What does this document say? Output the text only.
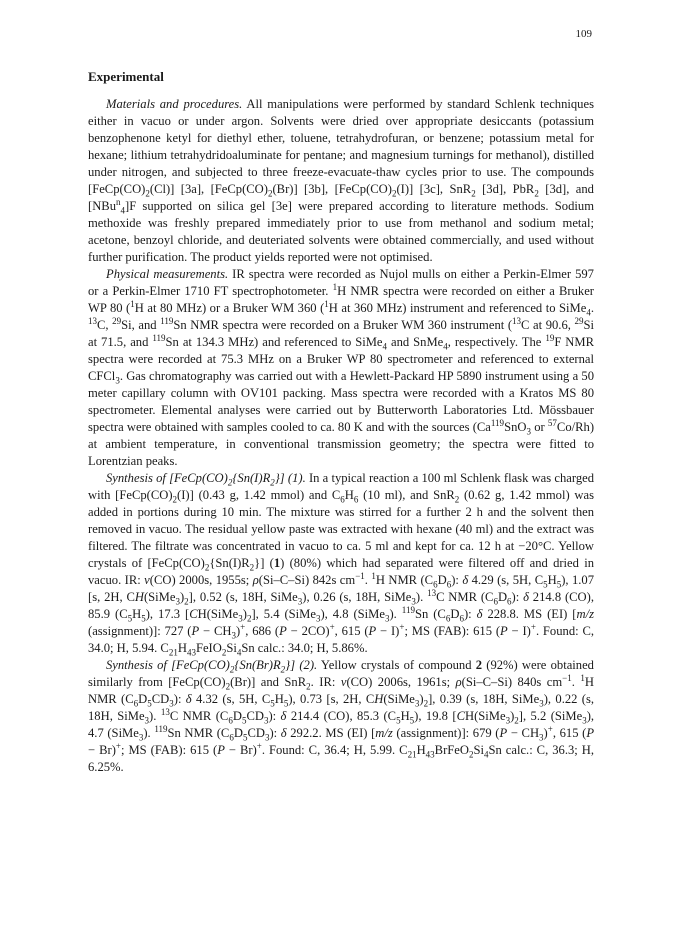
109
Experimental

Materials and procedures. All manipulations were performed by standard Schlenk techniques either in vacuo or under argon. Solvents were dried over appropriate desiccants (potassium benzophenone ketyl for diethyl ether, toluene, tetrahydrofuran, or benzene; potassium metal for hexane; lithium tetrahydridoaluminate for pentane; and magnesium turnings for methanol), distilled under nitrogen, and subjected to three freeze-evacuate-thaw cycles prior to use. The compounds $[FeCp(CO)_2(Cl)]$ [3a], $[FeCp(CO)_2(Br)]$ [3b], $[FeCp(CO)_2(I)]$ [3c], SnR$_2$ [3d], PbR$_2$ [3d], and [NBu$^n_4$]F supported on silica gel [3e] were prepared according to literature methods. Sodium methoxide was freshly prepared immediately prior to use from methanol and sodium metal; acetone, benzoyl chloride, and deuteriated solvents were obtained commercially, and used without further purification. The product yields reported were not optimised.

Physical measurements. IR spectra were recorded as Nujol mulls on either a Perkin-Elmer 597 or a Perkin-Elmer 1710 FT spectrophotometer. $^1$H NMR spectra were recorded on either a Bruker WP 80 ($^1$H at 80 MHz) or a Bruker WM 360 ($^1$H at 360 MHz) instrument and referenced to SiMe$_4$. $^{13}$C, $^{29}$Si, and $^{119}$Sn NMR spectra were recorded on a Bruker WM 360 instrument ($^{13}$C at 90.6, $^{29}$Si at 71.5, and $^{119}$Sn at 134.3 MHz) and referenced to SiMe$_4$ and SnMe$_4$, respectively. The $^{19}$F NMR spectra were recorded at 75.3 MHz on a Bruker WP 80 spectrometer and referenced to external CFCl$_3$. Gas chromatography was carried out with a Hewlett-Packard HP 5890 instrument using a 50 meter capillary column with OV101 packing. Mass spectra were recorded with a Kratos MS 80 spectrometer. Elemental analyses were carried out by Butterworth Laboratories Ltd. Mössbauer spectra were obtained with samples cooled to ca. 80 K and with the sources ($Ca^{119}SnO_3$ or $^{57}$Co/Rh) at ambient temperature, in conventional transmission geometry; the spectra were fitted to Lorentzian peaks.

Synthesis of $[FeCp(CO)_2\{Sn(I)R_2\}]$ (1). In a typical reaction a 100 ml Schlenk flask was charged with $[FeCp(CO)_2(I)]$ (0.43 g, 1.42 mmol) and $C_6H_6$ (10 ml), and SnR$_2$ (0.62 g, 1.42 mmol) was added in portions during 10 min. The mixture was stirred for a further 2 h and the solvent then removed in vacuo. The residual yellow paste was extracted with hexane (40 ml) and the extract was filtered. The filtrate was concentrated in vacuo to ca. 5 ml and kept for ca. 12 h at −20°C. Yellow crystals of $[FeCp(CO)_2\{Sn(I)R_2\}]$ (1) (80%) which had separated were filtered off and dried in vacuo. IR: ν(CO) 2000s, 1955s; ρ(Si–C–Si) 842s $cm^{-1}$. $^1$H NMR $(C_6D_6)$: δ 4.29 (s, 5H, $C_5H_5$), 1.07 [s, 2H, $CH(SiMe_3)_2$], 0.52 (s, 18H, SiMe$_3$), 0.26 (s, 18H, SiMe$_3$). $^{13}$C NMR $(C_6D_6)$: δ 214.8 (CO), 85.9 $(C_5H_5)$, 17.3 $[CH(SiMe_3)_2]$, 5.4 (SiMe$_3$), 4.8 (SiMe$_3$). $^{119}$Sn $(C_6D_6)$: δ 228.8. MS (EI) [m/z (assignment)]: 727 $(P - CH_3)^+$, 686 (P − 2CO)+, 615 (P − I)+; MS (FAB): 615 (P − I)+. Found: C, 34.0; H, 5.94. $C_{21}H_{43}FeIO_2Si_4Sn$ calc.: 34.0; H, 5.86%.

Synthesis of $[FeCp(CO)_2\{Sn(Br)R_2\}]$ (2). Yellow crystals of compound 2 (92%) were obtained similarly from $[FeCp(CO)_2(Br)]$ and SnR$_2$. IR: ν(CO) 2006s, 1961s; ρ(Si–C–Si) 840s $cm^{-1}$. $^1$H NMR $(C_6D_5CD_3)$: δ 4.32 (s, 5H, $C_5H_5$), 0.73 [s, 2H, $CH(SiMe_3)_2$], 0.39 (s, 18H, SiMe$_3$), 0.22 (s, 18H, SiMe$_3$). $^{13}$C NMR $(C_6D_5CD_3)$: δ 214.4 (CO), 85.3 $(C_5H_5)$, 19.8 $[CH(SiMe_3)_2]$, 5.2 (SiMe$_3$), 4.7 (SiMe$_3$). $^{119}$Sn NMR $(C_6D_5CD_3)$: δ 292.2. MS (EI) [m/z (assignment)]: 679 $(P - CH_3)^+$, 615 (P − Br)+; MS (FAB): 615 (P − Br)+. Found: C, 36.4; H, 5.99. $C_{21}H_{43}BrFeO_2Si_4Sn$ calc.: C, 36.3; H, 6.25%.
